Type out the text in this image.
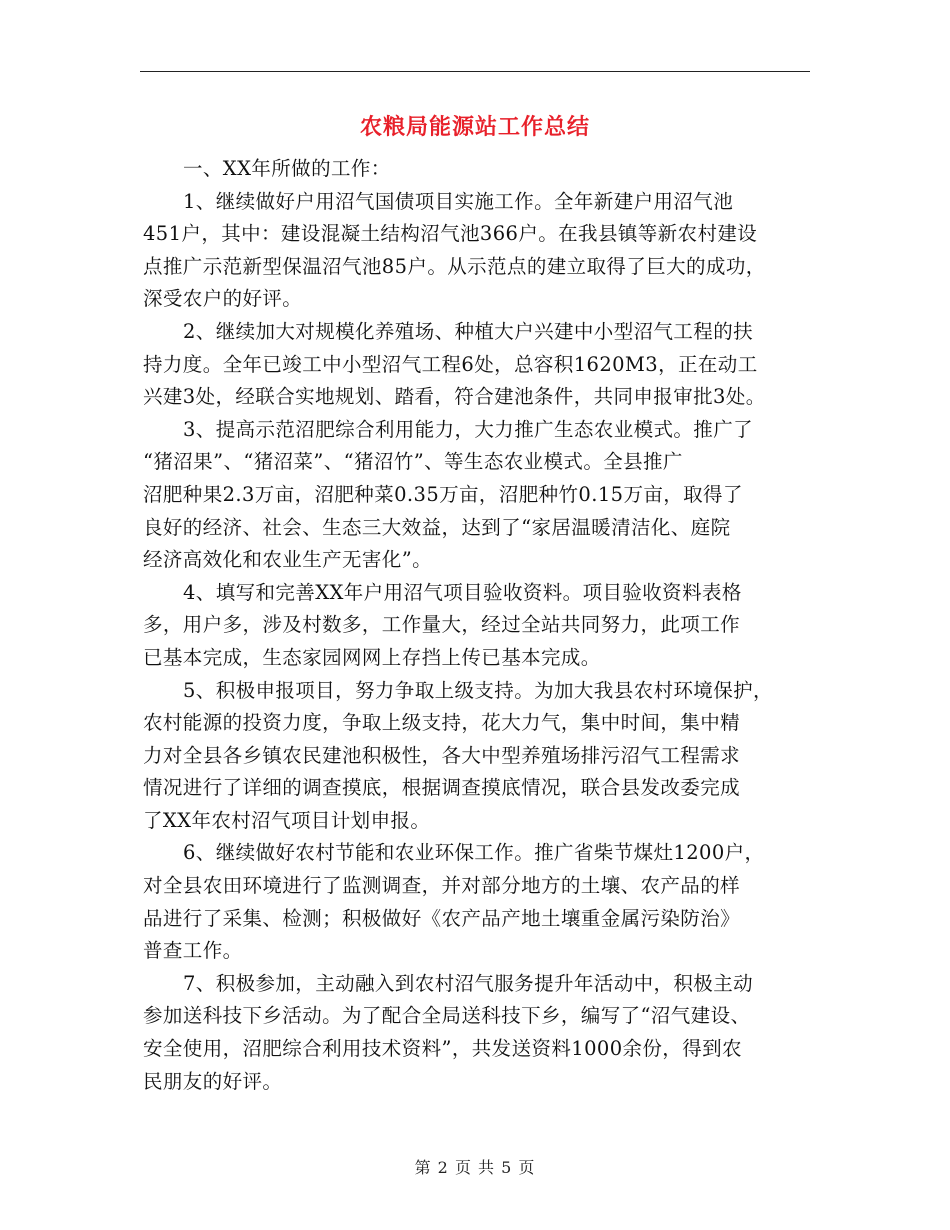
农粮局能源站工作总结
一、XX年所做的工作：
1、继续做好户用沼气国债项目实施工作。全年新建户用沼气池
451户，其中：建设混凝土结构沼气池366户。在我县镇等新农村建设
点推广示范新型保温沼气池85户。从示范点的建立取得了巨大的成功，
深受农户的好评。
2、继续加大对规模化养殖场、种植大户兴建中小型沼气工程的扶
持力度。全年已竣工中小型沼气工程6处，总容积1620M3，正在动工
兴建3处，经联合实地规划、踏看，符合建池条件，共同申报审批3处。
3、提高示范沼肥综合利用能力，大力推广生态农业模式。推广了
“猪沼果”、“猪沼菜”、“猪沼竹”、等生态农业模式。全县推广
沼肥种果2.3万亩，沼肥种菜0.35万亩，沼肥种竹0.15万亩，取得了
良好的经济、社会、生态三大效益，达到了“家居温暖清洁化、庭院
经济高效化和农业生产无害化”。
4、填写和完善XX年户用沼气项目验收资料。项目验收资料表格
多，用户多，涉及村数多，工作量大，经过全站共同努力，此项工作
已基本完成，生态家园网网上存挡上传已基本完成。
5、积极申报项目，努力争取上级支持。为加大我县农村环境保护，
农村能源的投资力度，争取上级支持，花大力气，集中时间，集中精
力对全县各乡镇农民建池积极性，各大中型养殖场排污沼气工程需求
情况进行了详细的调查摸底，根据调查摸底情况，联合县发改委完成
了XX年农村沼气项目计划申报。
6、继续做好农村节能和农业环保工作。推广省柴节煤灶1200户，
对全县农田环境进行了监测调查，并对部分地方的土壤、农产品的样
品进行了采集、检测；积极做好《农产品产地土壤重金属污染防治》
普查工作。
7、积极参加，主动融入到农村沼气服务提升年活动中，积极主动
参加送科技下乡活动。为了配合全局送科技下乡，编写了“沼气建设、
安全使用，沼肥综合利用技术资料”，共发送资料1000余份，得到农
民朋友的好评。
第 2 页 共 5 页
